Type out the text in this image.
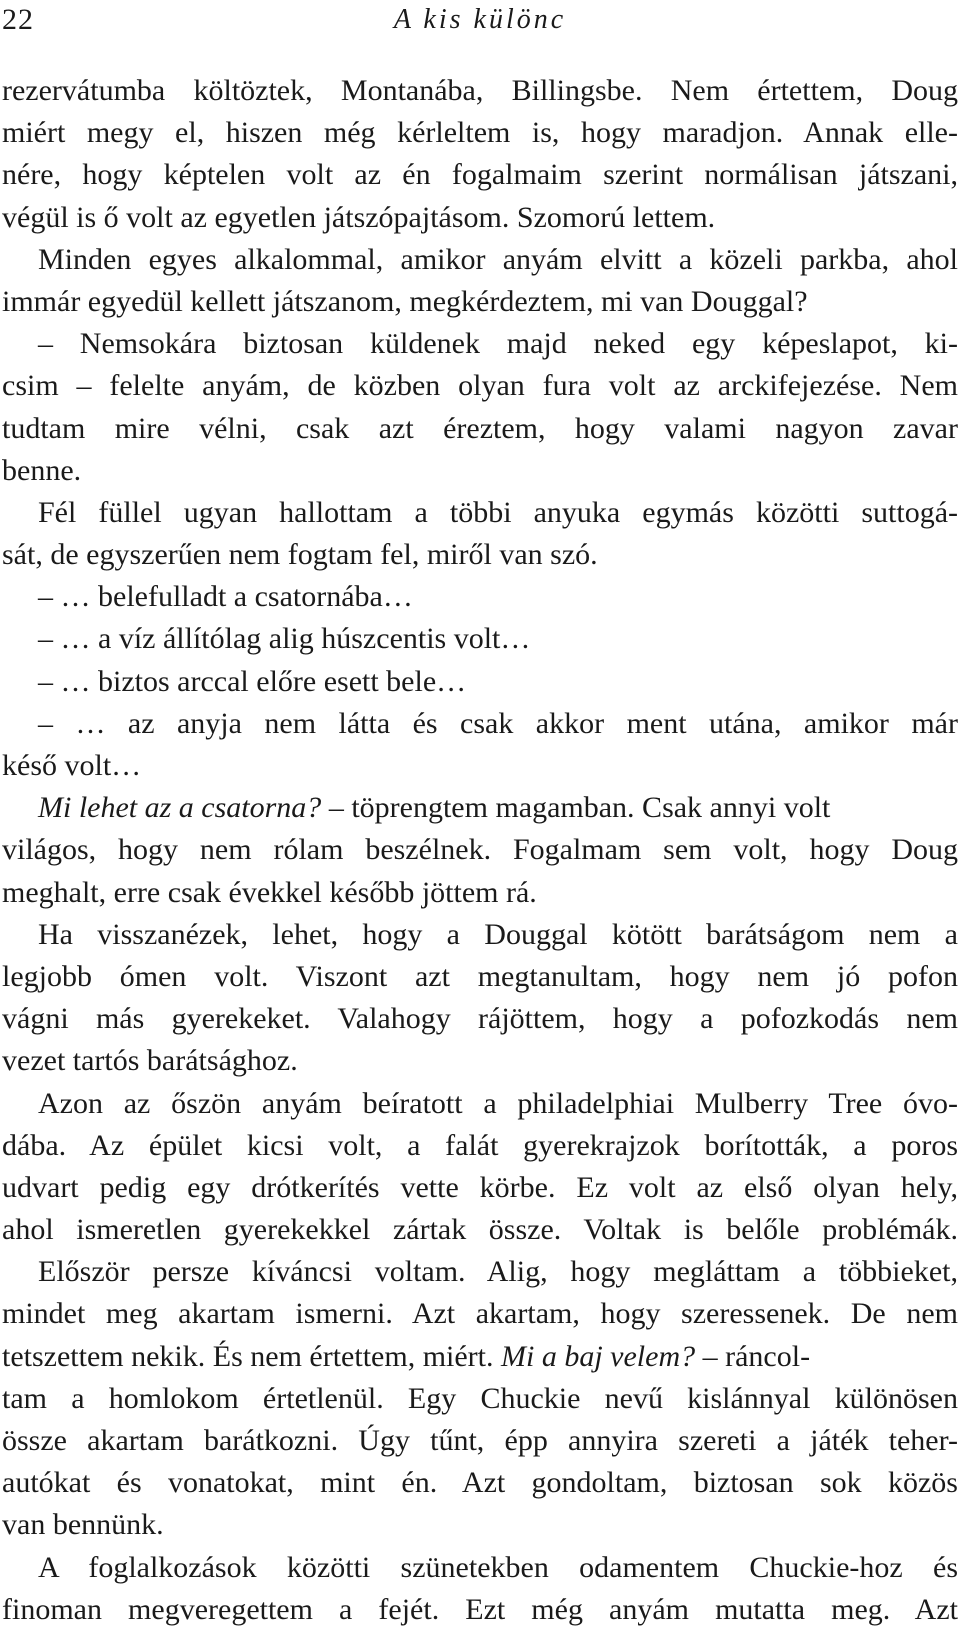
22	A kis különc
rezervátumba költöztek, Montanába, Billingsbe. Nem értettem, Doug
miért megy el, hiszen még kérleltem is, hogy maradjon. Annak elle-
nére, hogy képtelen volt az én fogalmaim szerint normálisan játszani,
végül is ő volt az egyetlen játszópajtásom. Szomorú lettem.
Minden egyes alkalommal, amikor anyám elvitt a közeli parkba, ahol
immár egyedül kellett játszanom, megkérdeztem, mi van Douggal?
– Nemsokára biztosan küldenek majd neked egy képeslapot, ki-
csim – felelte anyám, de közben olyan fura volt az arckifejezése. Nem
tudtam mire vélni, csak azt éreztem, hogy valami nagyon zavar
benne.
Fél füllel ugyan hallottam a többi anyuka egymás közötti suttogá-
sát, de egyszerűen nem fogtam fel, miről van szó.
– … belefulladt a csatornába…
– … a víz állítólag alig húszcentis volt…
– … biztos arccal előre esett bele…
– … az anyja nem látta és csak akkor ment utána, amikor már
késő volt…
Mi lehet az a csatorna? – töprengtem magamban. Csak annyi volt
világos, hogy nem rólam beszélnek. Fogalmam sem volt, hogy Doug
meghalt, erre csak évekkel később jöttem rá.
Ha visszanézek, lehet, hogy a Douggal kötött barátságom nem a
legjobb ómen volt. Viszont azt megtanultam, hogy nem jó pofon
vágni más gyerekeket. Valahogy rájöttem, hogy a pofozkodás nem
vezet tartós barátsághoz.
Azon az őszön anyám beíratott a philadelphiai Mulberry Tree óvo-
dába. Az épület kicsi volt, a falát gyerekrajzok borították, a poros
udvart pedig egy drótkerítés vette körbe. Ez volt az első olyan hely,
ahol ismeretlen gyerekekkel zártak össze. Voltak is belőle problémák.
Először persze kíváncsi voltam. Alig, hogy megláttam a többieket,
mindet meg akartam ismerni. Azt akartam, hogy szeressenek. De nem
tetszettem nekik. És nem értettem, miért. Mi a baj velem? – ráncol-
tam a homlokom értetlenül. Egy Chuckie nevű kislánnyal különösen
össze akartam barátkozni. Úgy tűnt, épp annyira szereti a játék teher-
autókat és vonatokat, mint én. Azt gondoltam, biztosan sok közös
van bennünk.
A foglalkozások közötti szünetekben odamentem Chuckie-hoz és
finoman megveregettem a fejét. Ezt még anyám mutatta meg. Azt
